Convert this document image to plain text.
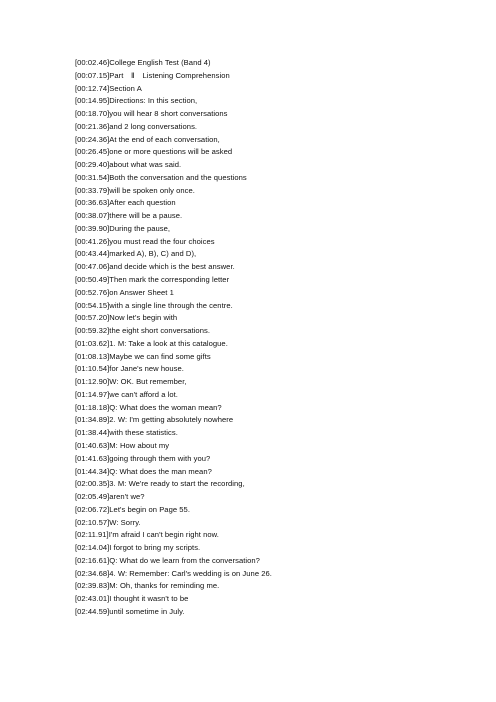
[00:02.46]College English Test (Band 4)
[00:07.15]Part　Ⅱ　Listening Comprehension
[00:12.74]Section A
[00:14.95]Directions: In this section,
[00:18.70]you will hear 8 short conversations
[00:21.36]and 2 long conversations.
[00:24.36]At the end of each conversation,
[00:26.45]one or more questions will be asked
[00:29.40]about what was said.
[00:31.54]Both the conversation and the questions
[00:33.79]will be spoken only once.
[00:36.63]After each question
[00:38.07]there will be a pause.
[00:39.90]During the pause,
[00:41.26]you must read the four choices
[00:43.44]marked A), B), C) and D),
[00:47.06]and decide which is the best answer.
[00:50.49]Then mark the corresponding letter
[00:52.76]on Answer Sheet 1
[00:54.15]with a single line through the centre.
[00:57.20]Now let's begin with
[00:59.32]the eight short conversations.
[01:03.62]1. M: Take a look at this catalogue.
[01:08.13]Maybe we can find some gifts
[01:10.54]for Jane's new house.
[01:12.90]W: OK. But remember,
[01:14.97]we can't afford a lot.
[01:18.18]Q: What does the woman mean?
[01:34.89]2. W: I'm getting absolutely nowhere
[01:38.44]with these statistics.
[01:40.63]M: How about my
[01:41.63]going through them with you?
[01:44.34]Q: What does the man mean?
[02:00.35]3. M: We're ready to start the recording,
[02:05.49]aren't we?
[02:06.72]Let's begin on Page 55.
[02:10.57]W: Sorry.
[02:11.91]I'm afraid I can't begin right now.
[02:14.04]I forgot to bring my scripts.
[02:16.61]Q: What do we learn from the conversation?
[02:34.68]4. W: Remember: Carl's wedding is on June 26.
[02:39.83]M: Oh, thanks for reminding me.
[02:43.01]I thought it wasn't to be
[02:44.59]until sometime in July.
